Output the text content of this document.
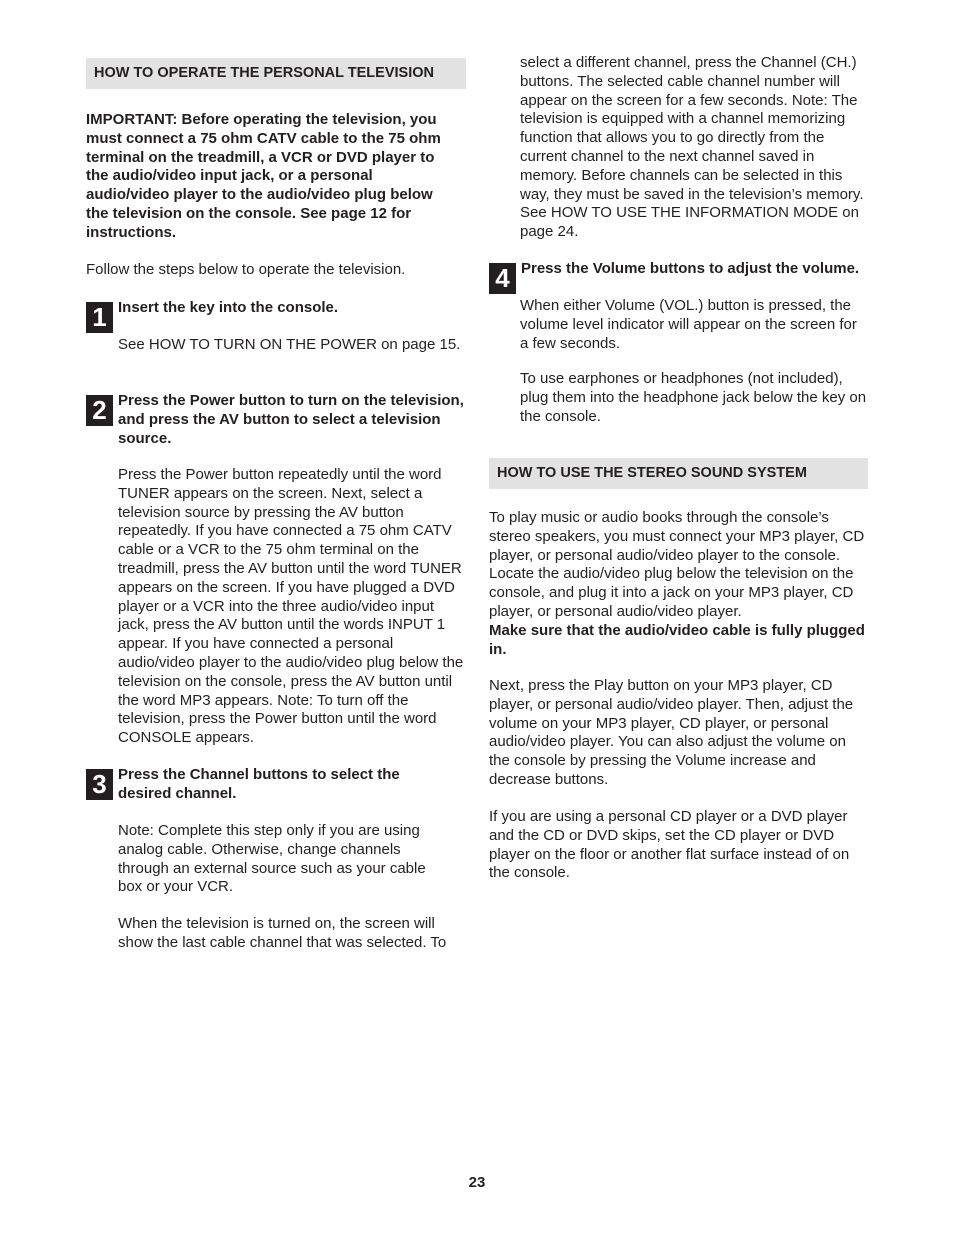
HOW TO OPERATE THE PERSONAL TELEVISION

IMPORTANT: Before operating the television, you must connect a 75 ohm CATV cable to the 75 ohm terminal on the treadmill, a VCR or DVD player to the audio/video input jack, or a personal audio/video player to the audio/video plug below the television on the console. See page 12 for instructions.

Follow the steps below to operate the television.

1 Insert the key into the console.

See HOW TO TURN ON THE POWER on page 15.

2 Press the Power button to turn on the television, and press the AV button to select a television source.

Press the Power button repeatedly until the word TUNER appears on the screen. Next, select a television source by pressing the AV button repeatedly. If you have connected a 75 ohm CATV cable or a VCR to the 75 ohm terminal on the treadmill, press the AV button until the word TUNER appears on the screen. If you have plugged a DVD player or a VCR into the three audio/video input jack, press the AV button until the words INPUT 1 appear. If you have connected a personal audio/video player to the audio/video plug below the television on the console, press the AV button until the word MP3 appears. Note: To turn off the television, press the Power button until the word CONSOLE appears.

3 Press the Channel buttons to select the desired channel.

Note: Complete this step only if you are using analog cable. Otherwise, change channels through an external source such as your cable box or your VCR.

When the television is turned on, the screen will show the last cable channel that was selected. To

select a different channel, press the Channel (CH.) buttons. The selected cable channel number will appear on the screen for a few seconds. Note: The television is equipped with a channel memorizing function that allows you to go directly from the current channel to the next channel saved in memory. Before channels can be selected in this way, they must be saved in the television’s memory. See HOW TO USE THE INFORMATION MODE on page 24.

4 Press the Volume buttons to adjust the volume.

When either Volume (VOL.) button is pressed, the volume level indicator will appear on the screen for a few seconds.

To use earphones or headphones (not included), plug them into the headphone jack below the key on the console.

HOW TO USE THE STEREO SOUND SYSTEM

To play music or audio books through the console’s stereo speakers, you must connect your MP3 player, CD player, or personal audio/video player to the console. Locate the audio/video plug below the television on the console, and plug it into a jack on your MP3 player, CD player, or personal audio/video player.

Make sure that the audio/video cable is fully plugged in.

Next, press the Play button on your MP3 player, CD player, or personal audio/video player. Then, adjust the volume on your MP3 player, CD player, or personal audio/video player. You can also adjust the volume on the console by pressing the Volume increase and decrease buttons.

If you are using a personal CD player or a DVD player and the CD or DVD skips, set the CD player or DVD player on the floor or another flat surface instead of on the console.

23
